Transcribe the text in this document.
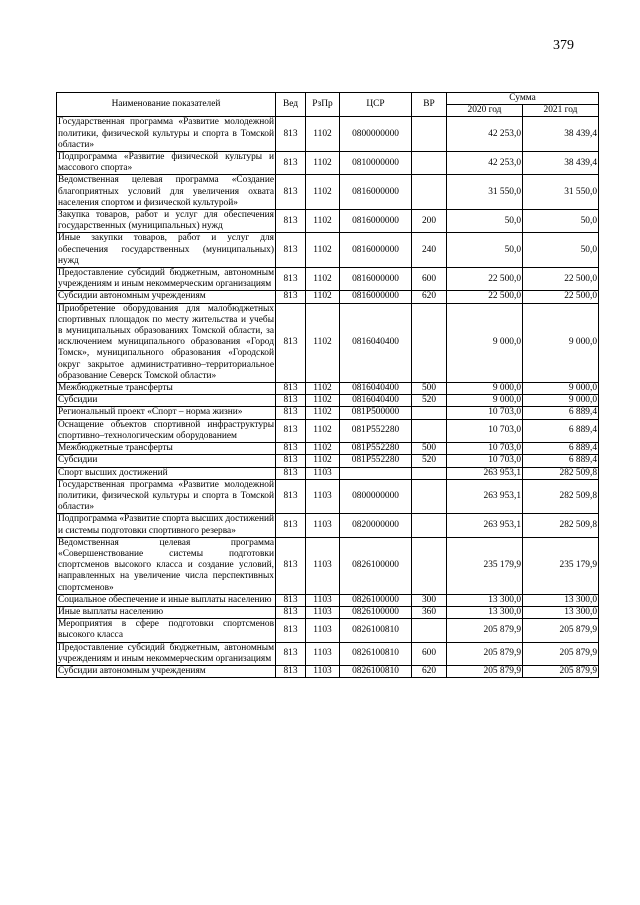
379
Наименование показателей	Вед	РзПр	ЦСР	ВР	Сумма	
					2020 год	2021 год
Государственная программа «Развитие молодежной политики, физической культуры и спорта в Томской области»	813	1102	0800000000		42 253,0	38 439,4
Подпрограмма «Развитие физической культуры и массового спорта»	813	1102	0810000000		42 253,0	38 439,4
Ведомственная целевая программа «Создание благоприятных условий для увеличения охвата населения спортом и физической культурой»	813	1102	0816000000		31 550,0	31 550,0
Закупка товаров, работ и услуг для обеспечения государственных (муниципальных) нужд	813	1102	0816000000	200	50,0	50,0
Иные закупки товаров, работ и услуг для обеспечения государственных (муниципальных) нужд	813	1102	0816000000	240	50,0	50,0
Предоставление субсидий бюджетным, автономным учреждениям и иным некоммерческим организациям	813	1102	0816000000	600	22 500,0	22 500,0
Субсидии автономным учреждениям	813	1102	0816000000	620	22 500,0	22 500,0
Приобретение оборудования для малобюджетных спортивных площадок по месту жительства и учебы в муниципальных образованиях Томской области, за исключением муниципального образования «Город Томск», муниципального образования «Городской округ закрытое административно–территориальное образование Северск Томской области»	813	1102	0816040400		9 000,0	9 000,0
Межбюджетные трансферты	813	1102	0816040400	500	9 000,0	9 000,0
Субсидии	813	1102	0816040400	520	9 000,0	9 000,0
Региональный проект «Спорт – норма жизни»	813	1102	081P500000		10 703,0	6 889,4
Оснащение объектов спортивной инфраструктуры спортивно–технологическим оборудованием	813	1102	081P552280		10 703,0	6 889,4
Межбюджетные трансферты	813	1102	081P552280	500	10 703,0	6 889,4
Субсидии	813	1102	081P552280	520	10 703,0	6 889,4
Спорт высших достижений	813	1103			263 953,1	282 509,8
Государственная программа «Развитие молодежной политики, физической культуры и спорта в Томской области»	813	1103	0800000000		263 953,1	282 509,8
Подпрограмма «Развитие спорта высших достижений и системы подготовки спортивного резерва»	813	1103	0820000000		263 953,1	282 509,8
Ведомственная целевая программа «Совершенствование системы подготовки спортсменов высокого класса и создание условий, направленных на увеличение числа перспективных спортсменов»	813	1103	0826100000		235 179,9	235 179,9
Социальное обеспечение и иные выплаты населению	813	1103	0826100000	300	13 300,0	13 300,0
Иные выплаты населению	813	1103	0826100000	360	13 300,0	13 300,0
Мероприятия в сфере подготовки спортсменов высокого класса	813	1103	0826100810		205 879,9	205 879,9
Предоставление субсидий бюджетным, автономным учреждениям и иным некоммерческим организациям	813	1103	0826100810	600	205 879,9	205 879,9
Субсидии автономным учреждениям	813	1103	0826100810	620	205 879,9	205 879,9
